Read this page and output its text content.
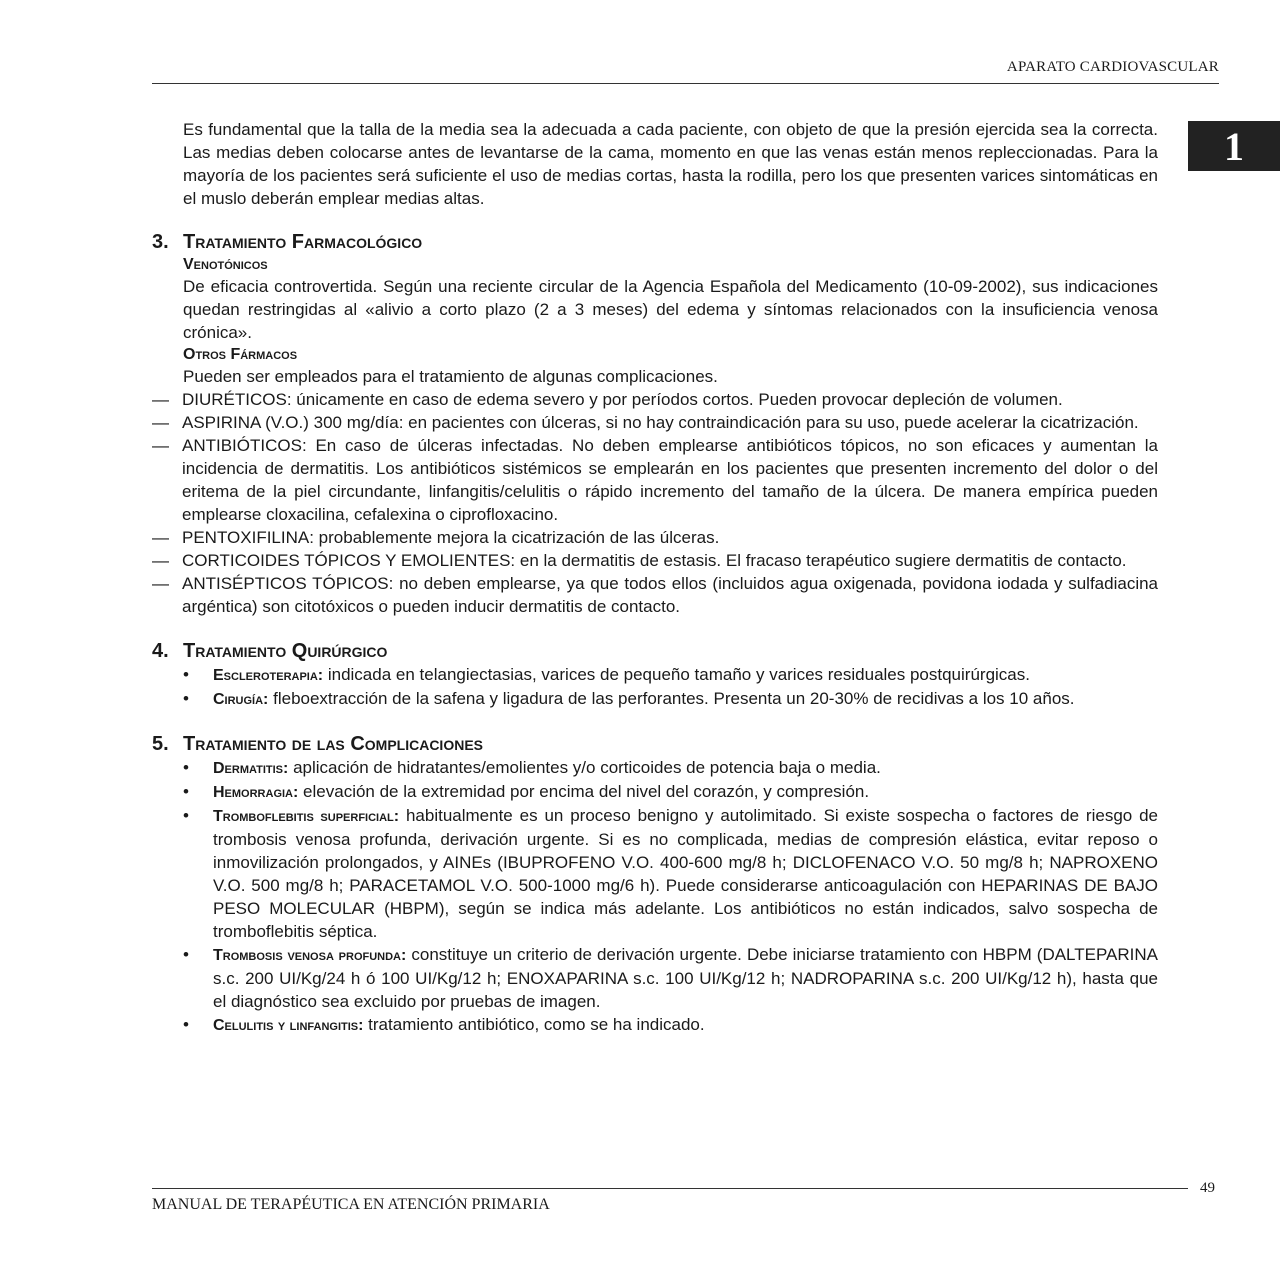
APARATO CARDIOVASCULAR
1
Es fundamental que la talla de la media sea la adecuada a cada paciente, con objeto de que la presión ejercida sea la correcta. Las medias deben colocarse antes de levantarse de la cama, momento en que las venas están menos repleccionadas. Para la mayoría de los pacientes será suficiente el uso de medias cortas, hasta la rodilla, pero los que presenten varices sintomáticas en el muslo deberán emplear medias altas.
3. Tratamiento Farmacológico
Venotónicos
De eficacia controvertida. Según una reciente circular de la Agencia Española del Medicamento (10-09-2002), sus indicaciones quedan restringidas al «alivio a corto plazo (2 a 3 meses) del edema y síntomas relacionados con la insuficiencia venosa crónica».
Otros Fármacos
Pueden ser empleados para el tratamiento de algunas complicaciones.
— DIURÉTICOS: únicamente en caso de edema severo y por períodos cortos. Pueden provocar depleción de volumen.
— ASPIRINA (V.O.) 300 mg/día: en pacientes con úlceras, si no hay contraindicación para su uso, puede acelerar la cicatrización.
— ANTIBIÓTICOS: En caso de úlceras infectadas. No deben emplearse antibióticos tópicos, no son eficaces y aumentan la incidencia de dermatitis. Los antibióticos sistémicos se emplearán en los pacientes que presenten incremento del dolor o del eritema de la piel circundante, linfangitis/celulitis o rápido incremento del tamaño de la úlcera. De manera empírica pueden emplearse cloxacilina, cefalexina o ciprofloxacino.
— PENTOXIFILINA: probablemente mejora la cicatrización de las úlceras.
— CORTICOIDES TÓPICOS Y EMOLIENTES: en la dermatitis de estasis. El fracaso terapéutico sugiere dermatitis de contacto.
— ANTISÉPTICOS TÓPICOS: no deben emplearse, ya que todos ellos (incluidos agua oxigenada, povidona iodada y sulfadiacina argéntica) son citotóxicos o pueden inducir dermatitis de contacto.
4. Tratamiento Quirúrgico
•	Escleroterapia: indicada en telangiectasias, varices de pequeño tamaño y varices residuales postquirúrgicas.
•	Cirugía: fleboextracción de la safena y ligadura de las perforantes. Presenta un 20-30% de recidivas a los 10 años.
5. Tratamiento de las Complicaciones
•	Dermatitis: aplicación de hidratantes/emolientes y/o corticoides de potencia baja o media.
•	Hemorragia: elevación de la extremidad por encima del nivel del corazón, y compresión.
•	Tromboflebitis superficial: habitualmente es un proceso benigno y autolimitado. Si existe sospecha o factores de riesgo de trombosis venosa profunda, derivación urgente. Si es no complicada, medias de compresión elástica, evitar reposo o inmovilización prolongados, y AINEs (IBUPROFENO V.O. 400-600 mg/8 h; DICLOFENACO V.O. 50 mg/8 h; NAPROXENO V.O. 500 mg/8 h; PARACETAMOL V.O. 500-1000 mg/6 h). Puede considerarse anticoagulación con HEPARINAS DE BAJO PESO MOLECULAR (HBPM), según se indica más adelante. Los antibióticos no están indicados, salvo sospecha de tromboflebitis séptica.
•	Trombosis venosa profunda: constituye un criterio de derivación urgente. Debe iniciarse tratamiento con HBPM (DALTEPARINA s.c. 200 UI/Kg/24 h ó 100 UI/Kg/12 h; ENOXAPARINA s.c. 100 UI/Kg/12 h; NADROPARINA s.c. 200 UI/Kg/12 h), hasta que el diagnóstico sea excluido por pruebas de imagen.
•	Celulitis y linfangitis: tratamiento antibiótico, como se ha indicado.
49
MANUAL DE TERAPÉUTICA EN ATENCIÓN PRIMARIA
